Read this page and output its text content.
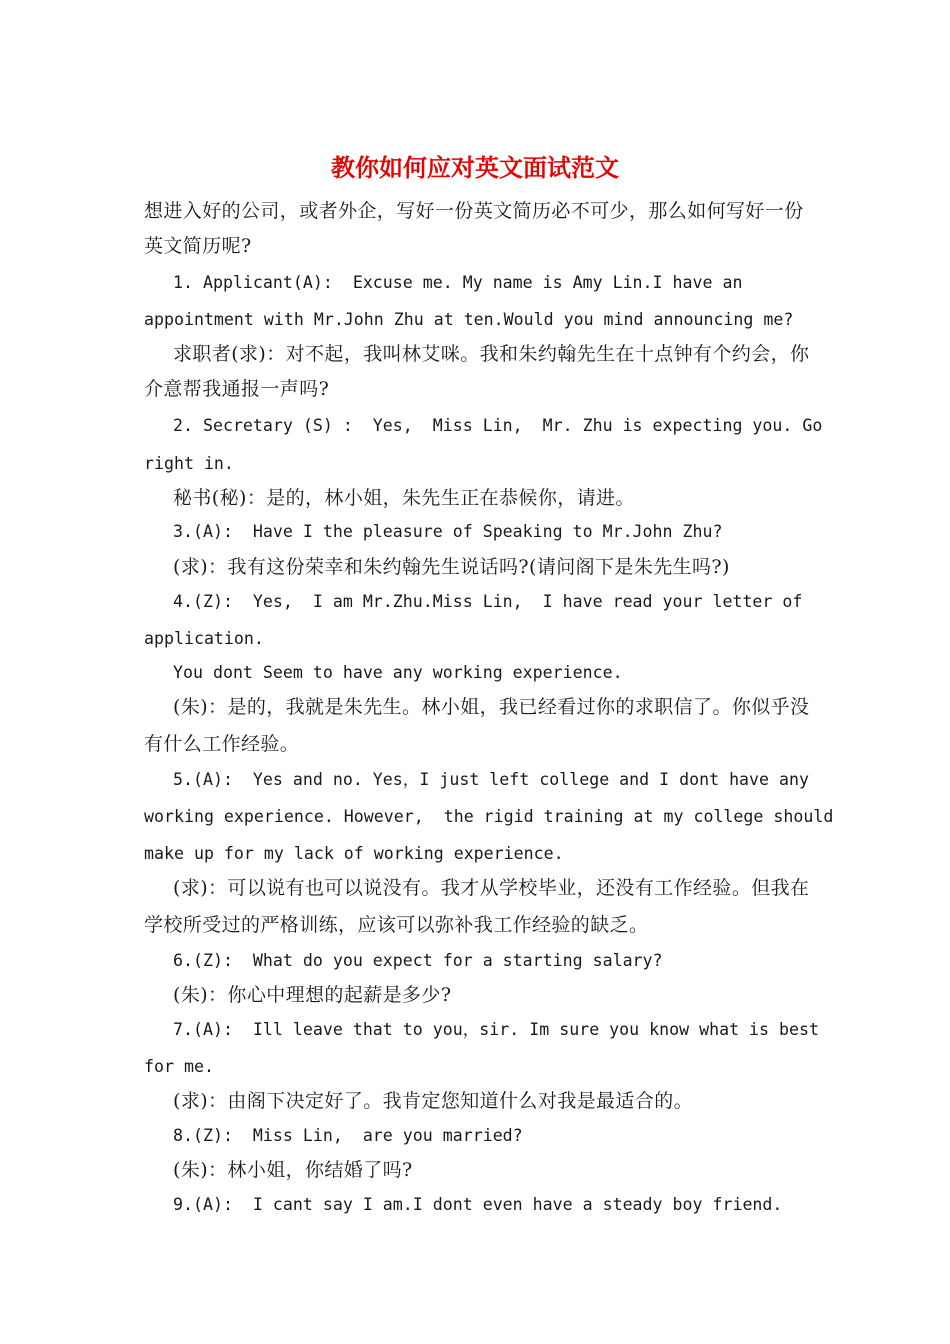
教你如何应对英文面试范文
想进入好的公司，或者外企，写好一份英文简历必不可少，那么如何写好一份
英文简历呢?
1. Applicant(A):  Excuse me. My name is Amy Lin.I have an
appointment with Mr.John Zhu at ten.Would you mind announcing me?
求职者(求)：对不起，我叫林艾咪。我和朱约翰先生在十点钟有个约会，你
介意帮我通报一声吗?
2. Secretary (S) :  Yes,  Miss Lin,  Mr. Zhu is expecting you. Go
right in.
秘书(秘)：是的，林小姐，朱先生正在恭候你，请进。
3.(A):  Have I the pleasure of Speaking to Mr.John Zhu?
(求)：我有这份荣幸和朱约翰先生说话吗?(请问阁下是朱先生吗?)
4.(Z):  Yes,  I am Mr.Zhu.Miss Lin,  I have read your letter of
application.
You dont Seem to have any working experience.
(朱)：是的，我就是朱先生。林小姐，我已经看过你的求职信了。你似乎没
有什么工作经验。
5.(A):  Yes and no. Yes，I just left college and I dont have any
working experience. However,  the rigid training at my college should
make up for my lack of working experience.
(求)：可以说有也可以说没有。我才从学校毕业，还没有工作经验。但我在
学校所受过的严格训练，应该可以弥补我工作经验的缺乏。
6.(Z):  What do you expect for a starting salary?
(朱)：你心中理想的起薪是多少?
7.(A):  Ill leave that to you，sir. Im sure you know what is best
for me.
(求)：由阁下决定好了。我肯定您知道什么对我是最适合的。
8.(Z):  Miss Lin,  are you married?
(朱)：林小姐，你结婚了吗?
9.(A):  I cant say I am.I dont even have a steady boy friend.
